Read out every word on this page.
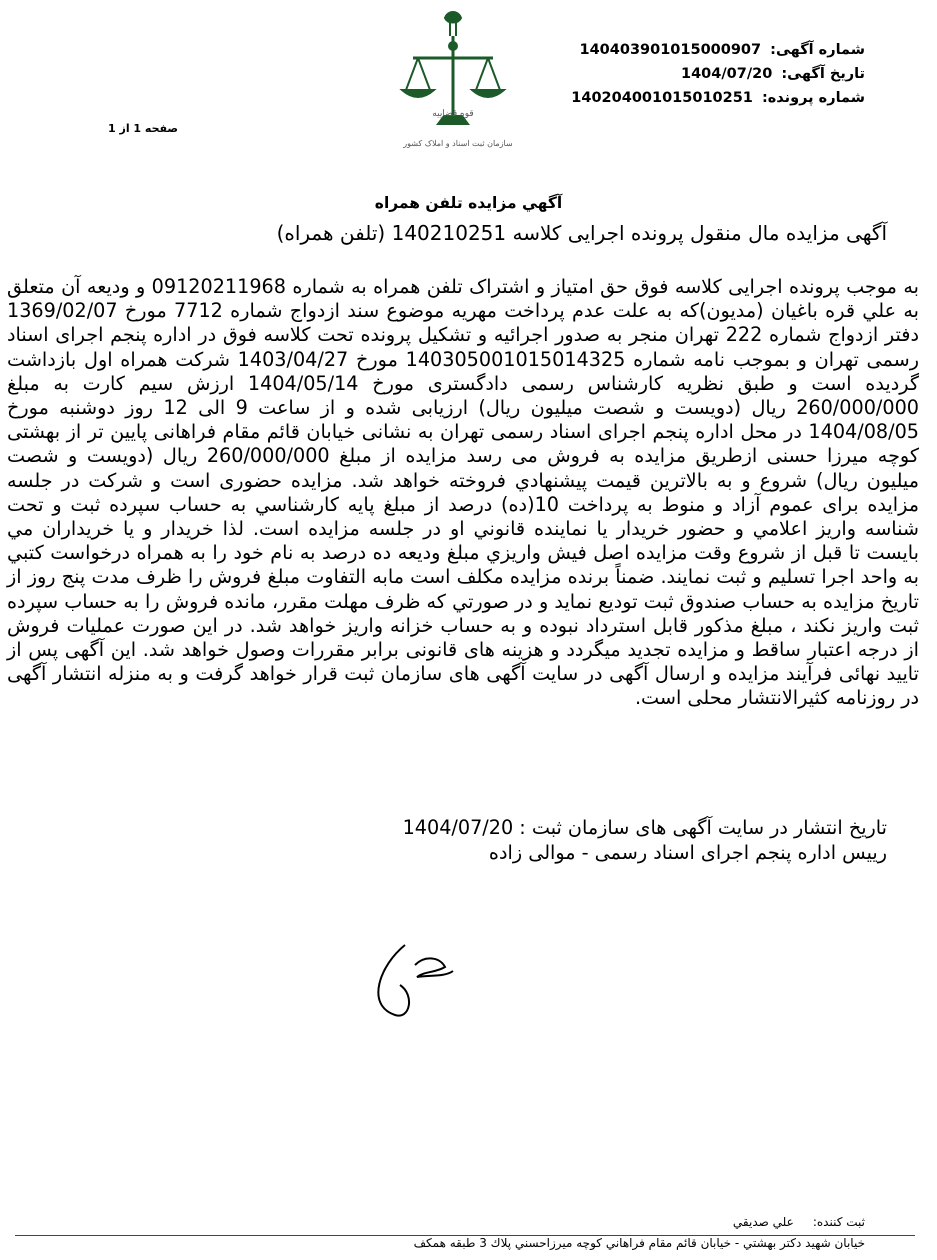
قوه قضاییه
سازمان ثبت اسناد و املاک کشور
شماره آگهی: 14040390101500090​7
تاریخ آگهی: 1404/07/20
شماره پرونده: 140204001015010251
صفحه 1 از 1
آگهي مزايده تلفن همراه
آگهی مزایده مال منقول پرونده اجرایی کلاسه 140210251 (تلفن همراه)

به موجب پرونده اجرایی کلاسه فوق حق امتیاز و اشتراک تلفن همراه به شماره 09120211968 و ودیعه آن متعلق به علي قره باغيان (مديون)كه به علت عدم پرداخت مهریه موضوع سند ازدواج شماره 7712 مورخ 1369/02/07 دفتر ازدواج شماره 222 تهران منجر به صدور اجرائیه و تشکیل پرونده تحت کلاسه فوق در اداره پنجم اجرای اسناد رسمی تهران و بموجب نامه شماره 140305001015014325 مورخ 1403/04/27 شرکت همراه اول بازداشت گردیده است و طبق نظریه کارشناس رسمی دادگستری مورخ 1404/05/14 ارزش سیم کارت به مبلغ 260/000/000 ريال (دویست و شصت میلیون ریال) ارزیابی شده و از ساعت 9 الی 12 روز دوشنبه مورخ 1404/08/05 در محل اداره پنجم اجرای اسناد رسمی تهران به نشانی خیابان قائم مقام فراهانی پایین تر از بهشتی کوچه میرزا حسنی ازطریق مزایده به فروش می رسد مزایده از مبلغ 260/000/000 ريال (دویست و شصت میلیون ریال) شروع و به بالاترين قيمت پيشنهادي فروخته خواهد شد. مزایده حضوری است و شرکت در جلسه مزایده برای عموم آزاد و منوط به پرداخت 10(ده) درصد از مبلغ پايه كارشناسي به حساب سپرده ثبت و تحت شناسه واريز اعلامي و حضور خريدار يا نماينده قانوني او در جلسه مزايده است. لذا خريدار و يا خريداران مي بايست تا قبل از شروع وقت مزايده اصل فيش واريزي مبلغ وديعه ده درصد به نام خود را به همراه درخواست كتبي به واحد اجرا تسليم و ثبت نمايند. ضمناً برنده مزايده مكلف است مابه التفاوت مبلغ فروش را ظرف مدت پنج روز از تاريخ مزايده به حساب صندوق ثبت توديع نمايد و در صورتي كه ظرف مهلت مقرر، مانده فروش را به حساب سپرده ثبت واريز نكند ، مبلغ مذكور قابل استرداد نبوده و به حساب خزانه واريز خواهد شد. در این صورت عملیات فروش از درجه اعتبار ساقط و مزایده تجدید میگردد و هزینه های قانونی برابر مقررات وصول خواهد شد. این آگهی پس از تایید نهائی فرآیند مزایده و ارسال آگهی در سایت آگهی های سازمان ثبت قرار خواهد گرفت و به منزله انتشار آگهی در روزنامه کثيرالانتشار محلی است.

تاریخ انتشار در سایت آگهی های سازمان ثبت : 1404/07/20
رييس اداره پنجم اجرای اسناد رسمی - موالی زاده
ثبت كننده:     علي صديقي
خيابان شهيد دكتر بهشتي - خيابان قائم مقام فراهاني كوچه ميرزاحسني پلاك 3 طبقه همكف
